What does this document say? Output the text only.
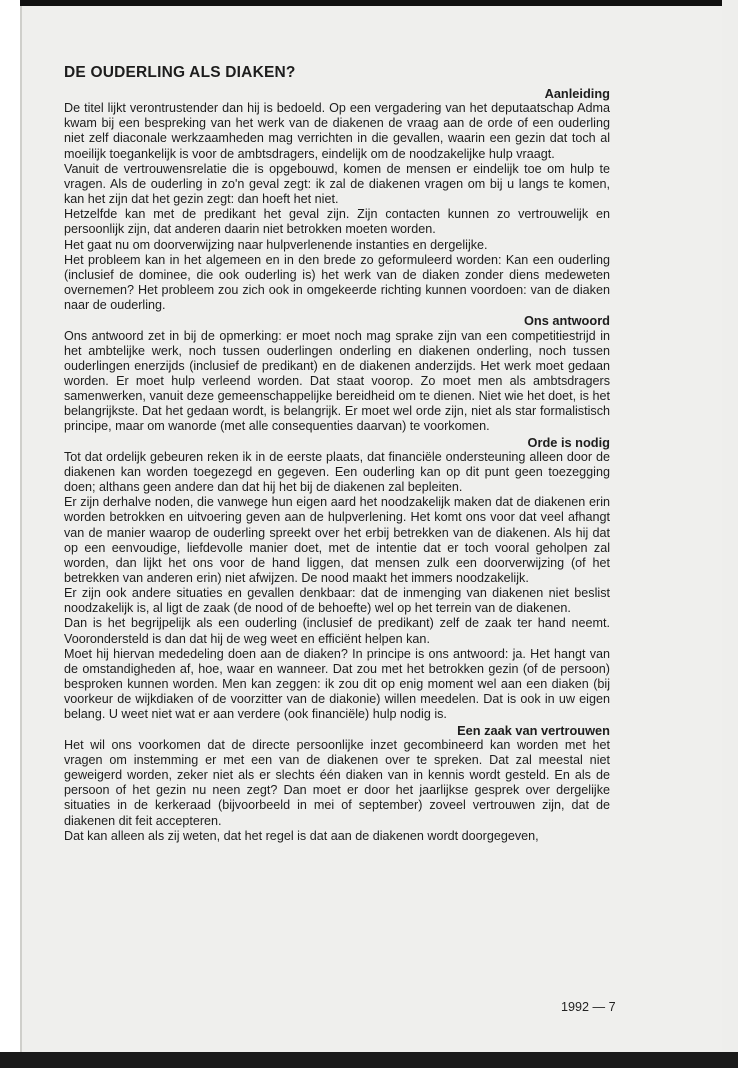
DE OUDERLING ALS DIAKEN?
Aanleiding

De titel lijkt verontrustender dan hij is bedoeld. Op een vergadering van het deputaatschap Adma kwam bij een bespreking van het werk van de diakenen de vraag aan de orde of een ouderling niet zelf diaconale werkzaamheden mag verrichten in die gevallen, waarin een gezin dat toch al moeilijk toegankelijk is voor de ambtsdragers, eindelijk om de noodzakelijke hulp vraagt.

Vanuit de vertrouwensrelatie die is opgebouwd, komen de mensen er eindelijk toe om hulp te vragen. Als de ouderling in zo'n geval zegt: ik zal de diakenen vragen om bij u langs te komen, kan het zijn dat het gezin zegt: dan hoeft het niet.

Hetzelfde kan met de predikant het geval zijn. Zijn contacten kunnen zo vertrouwelijk en persoonlijk zijn, dat anderen daarin niet betrokken moeten worden.

Het gaat nu om doorverwijzing naar hulpverlenende instanties en dergelijke.

Het probleem kan in het algemeen en in den brede zo geformuleerd worden: Kan een ouderling (inclusief de dominee, die ook ouderling is) het werk van de diaken zonder diens medeweten overnemen? Het probleem zou zich ook in omgekeerde richting kunnen voordoen: van de diaken naar de ouderling.

Ons antwoord

Ons antwoord zet in bij de opmerking: er moet noch mag sprake zijn van een competitiestrijd in het ambtelijke werk, noch tussen ouderlingen onderling en diakenen onderling, noch tussen ouderlingen enerzijds (inclusief de predikant) en de diakenen anderzijds. Het werk moet gedaan worden. Er moet hulp verleend worden. Dat staat voorop. Zo moet men als ambtsdragers samenwerken, vanuit deze gemeenschappelijke bereidheid om te dienen. Niet wie het doet, is het belangrijkste. Dat het gedaan wordt, is belangrijk. Er moet wel orde zijn, niet als star formalistisch principe, maar om wanorde (met alle consequenties daarvan) te voorkomen.

Orde is nodig

Tot dat ordelijk gebeuren reken ik in de eerste plaats, dat financiële ondersteuning alleen door de diakenen kan worden toegezegd en gegeven. Een ouderling kan op dit punt geen toezegging doen; althans geen andere dan dat hij het bij de diakenen zal bepleiten.

Er zijn derhalve noden, die vanwege hun eigen aard het noodzakelijk maken dat de diakenen erin worden betrokken en uitvoering geven aan de hulpverlening. Het komt ons voor dat veel afhangt van de manier waarop de ouderling spreekt over het erbij betrekken van de diakenen. Als hij dat op een eenvoudige, liefdevolle manier doet, met de intentie dat er toch vooral geholpen zal worden, dan lijkt het ons voor de hand liggen, dat mensen zulk een doorverwijzing (of het betrekken van anderen erin) niet afwijzen. De nood maakt het immers noodzakelijk.

Er zijn ook andere situaties en gevallen denkbaar: dat de inmenging van diakenen niet beslist noodzakelijk is, al ligt de zaak (de nood of de behoefte) wel op het terrein van de diakenen.

Dan is het begrijpelijk als een ouderling (inclusief de predikant) zelf de zaak ter hand neemt. Voorondersteld is dan dat hij de weg weet en efficiënt helpen kan.

Moet hij hiervan mededeling doen aan de diaken? In principe is ons antwoord: ja. Het hangt van de omstandigheden af, hoe, waar en wanneer. Dat zou met het betrokken gezin (of de persoon) besproken kunnen worden. Men kan zeggen: ik zou dit op enig moment wel aan een diaken (bij voorkeur de wijkdiaken of de voorzitter van de diakonie) willen meedelen. Dat is ook in uw eigen belang. U weet niet wat er aan verdere (ook financiële) hulp nodig is.

Een zaak van vertrouwen

Het wil ons voorkomen dat de directe persoonlijke inzet gecombineerd kan worden met het vragen om instemming er met een van de diakenen over te spreken. Dat zal meestal niet geweigerd worden, zeker niet als er slechts één diaken van in kennis wordt gesteld. En als de persoon of het gezin nu neen zegt? Dan moet er door het jaarlijkse gesprek over dergelijke situaties in de kerkeraad (bijvoorbeeld in mei of september) zoveel vertrouwen zijn, dat de diakenen dit feit accepteren.

Dat kan alleen als zij weten, dat het regel is dat aan de diakenen wordt doorgegeven,

1992 — 7
